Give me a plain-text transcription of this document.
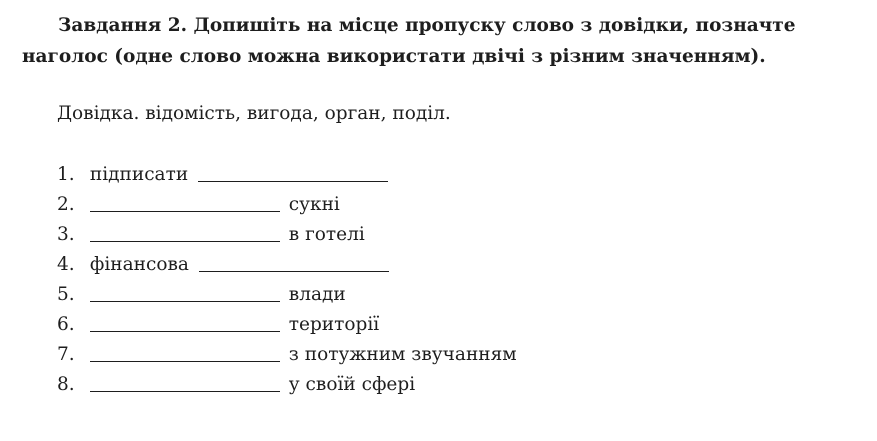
Завдання 2. Допишіть на місце пропуску слово з довідки, позначте наголос (одне слово можна використати двічі з різним значенням).

Довідка. відомість, вигода, орган, поділ.

1. підписати
2.	сукні
3.	в готелі
4. фінансова
5.	влади
6.	території
7.	з потужним звучанням
8.	у своїй сфері
